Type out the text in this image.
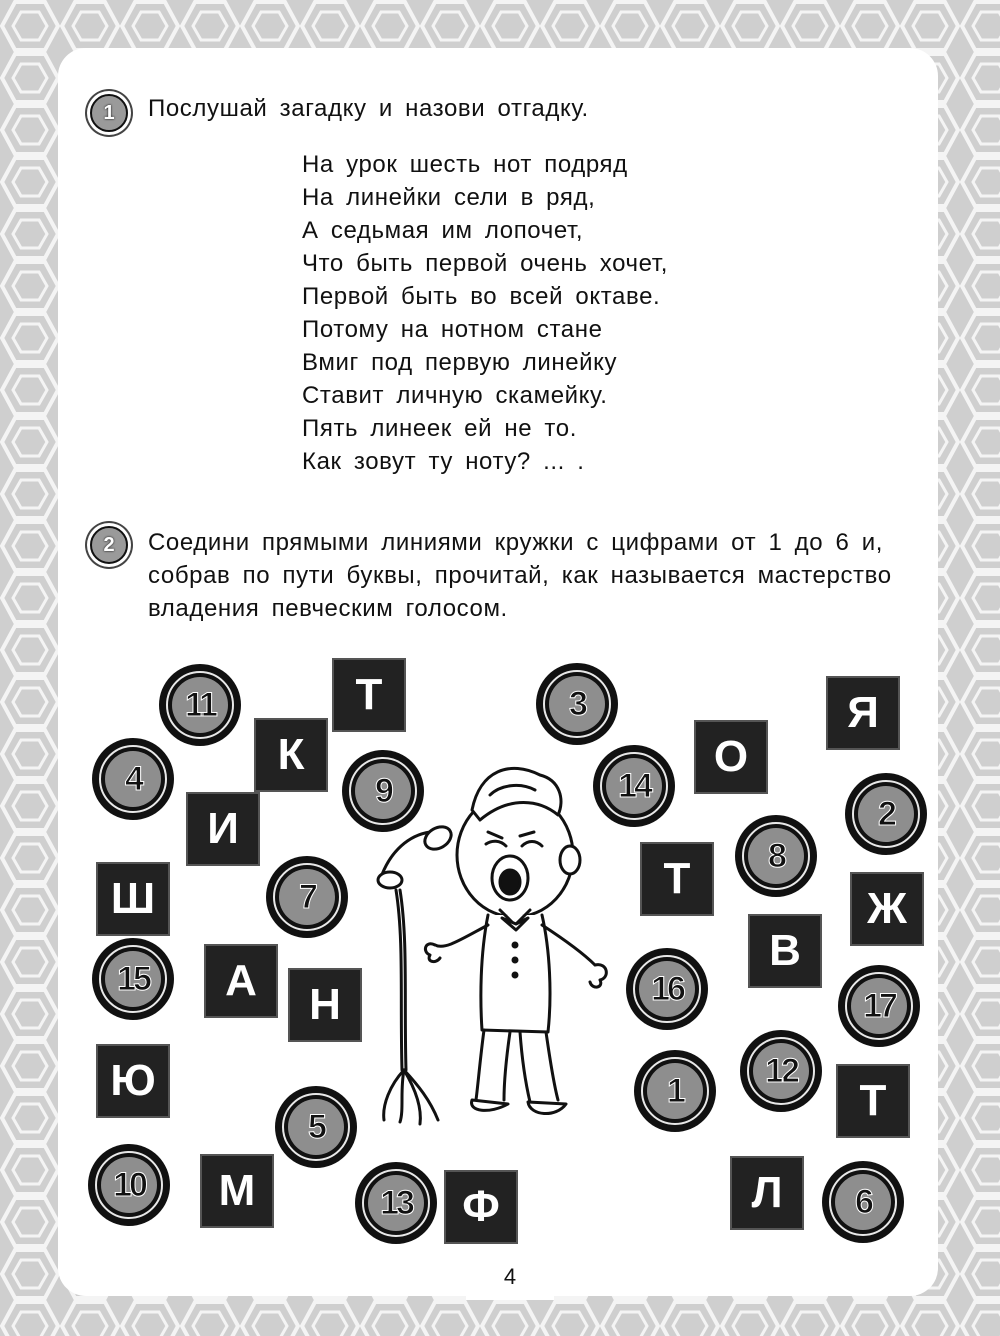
1 Послушай загадку и назови отгадку.
На урок шесть нот подряд
На линейки сели в ряд,
А седьмая им лопочет,
Что быть первой очень хочет,
Первой быть во всей октаве.
Потому на нотном стане
Вмиг под первую линейку
Ставит личную скамейку.
Пять линеек ей не то.
Как зовут ту ноту? ... .
2 Соедини прямыми линиями кружки с цифрами от 1 до 6 и,
собрав по пути буквы, прочитай, как называется мастерство
владения певческим голосом.
11
4	9
7
15
5
10	13
3
14
8
16
1
12
6
2
17
Т
К
И
Ш
А	Н
Ю
М	Ф
О
Т
В
Л
Я
Ж
Т
4
